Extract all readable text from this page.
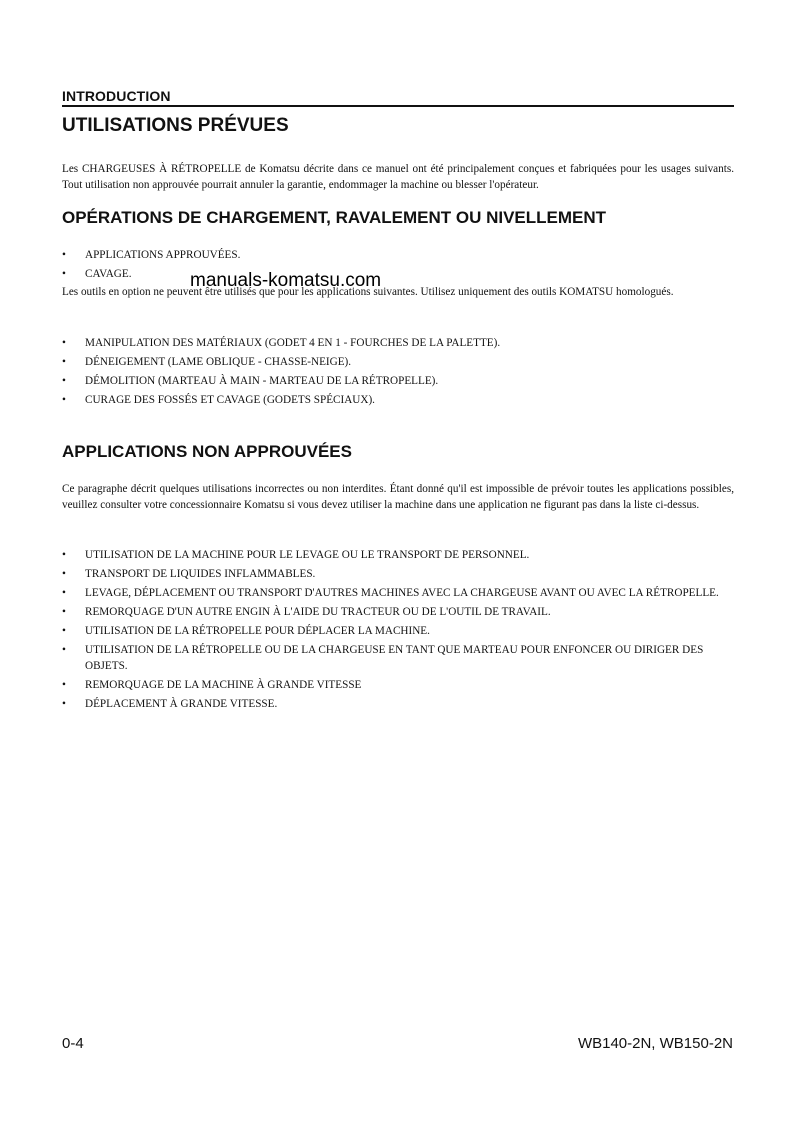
INTRODUCTION
UTILISATIONS PRÉVUES

Les CHARGEUSES À RÉTROPELLE de Komatsu décrite dans ce manuel ont été principalement conçues et fabriquées pour les usages suivants. Tout utilisation non approuvée pourrait annuler la garantie, endommager la machine ou blesser l'opérateur.

OPÉRATIONS DE CHARGEMENT, RAVALEMENT OU NIVELLEMENT
• APPLICATIONS APPROUVÉES.
• CAVAGE.	manuals-komatsu.com

Les outils en option ne peuvent être utilisés que pour les applications suivantes. Utilisez uniquement des outils KOMATSU homologués.

• MANIPULATION DES MATÉRIAUX (GODET 4 EN 1 - FOURCHES DE LA PALETTE).
• DÉNEIGEMENT (LAME OBLIQUE - CHASSE-NEIGE).
• DÉMOLITION (MARTEAU À MAIN - MARTEAU DE LA RÉTROPELLE).
• CURAGE DES FOSSÉS ET CAVAGE (GODETS SPÉCIAUX).
APPLICATIONS NON APPROUVÉES

Ce paragraphe décrit quelques utilisations incorrectes ou non interdites. Étant donné qu'il est impossible de prévoir toutes les applications possibles, veuillez consulter votre concessionnaire Komatsu si vous devez utiliser la machine dans une application ne figurant pas dans la liste ci-dessus.

• UTILISATION DE LA MACHINE POUR LE LEVAGE OU LE TRANSPORT DE PERSONNEL.
• TRANSPORT DE LIQUIDES INFLAMMABLES.
• LEVAGE, DÉPLACEMENT OU TRANSPORT D'AUTRES MACHINES AVEC LA CHARGEUSE AVANT OU AVEC LA RÉTROPELLE.
• REMORQUAGE D'UN AUTRE ENGIN À L'AIDE DU TRACTEUR OU DE L'OUTIL DE TRAVAIL.
• UTILISATION DE LA RÉTROPELLE POUR DÉPLACER LA MACHINE.
• UTILISATION DE LA RÉTROPELLE OU DE LA CHARGEUSE EN TANT QUE MARTEAU POUR ENFONCER OU DIRIGER DES OBJETS.
• REMORQUAGE DE LA MACHINE À GRANDE VITESSE
• DÉPLACEMENT À GRANDE VITESSE.
0-4	WB140-2N, WB150-2N
